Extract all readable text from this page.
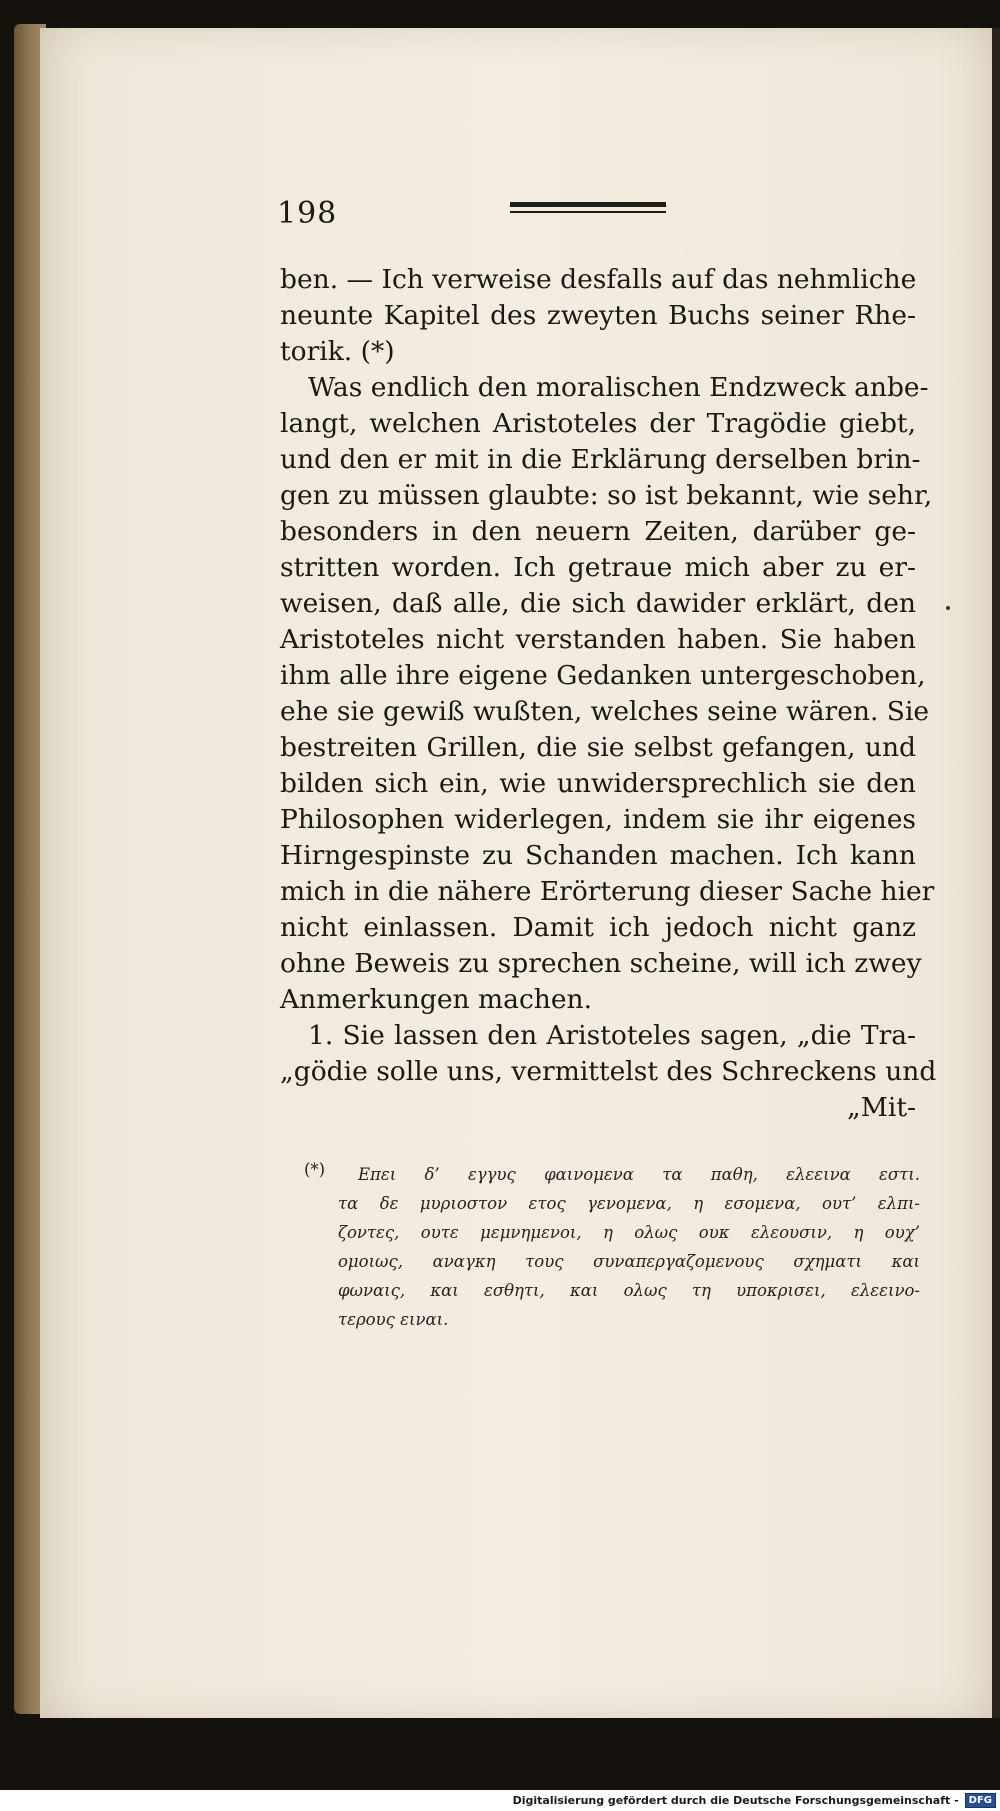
198
ben. — Ich verweise desfalls auf das nehmliche
neunte Kapitel des zweyten Buchs seiner Rhe-
torik. (*)
Was endlich den moralischen Endzweck anbe-
langt, welchen Aristoteles der Tragödie giebt,
und den er mit in die Erklärung derselben brin-
gen zu müssen glaubte: so ist bekannt, wie sehr,
besonders in den neuern Zeiten, darüber ge-
stritten worden. Ich getraue mich aber zu er-
weisen, daß alle, die sich dawider erklärt, den
Aristoteles nicht verstanden haben. Sie haben
ihm alle ihre eigene Gedanken untergeschoben,
ehe sie gewiß wußten, welches seine wären. Sie
bestreiten Grillen, die sie selbst gefangen, und
bilden sich ein, wie unwidersprechlich sie den
Philosophen widerlegen, indem sie ihr eigenes
Hirngespinste zu Schanden machen. Ich kann
mich in die nähere Erörterung dieser Sache hier
nicht einlassen. Damit ich jedoch nicht ganz
ohne Beweis zu sprechen scheine, will ich zwey
Anmerkungen machen.
1. Sie lassen den Aristoteles sagen, „die Tra-
„gödie solle uns, vermittelst des Schreckens und
„Mit-
(*)	Επει δ’ εγγυς φαινομενα τα παθη, ελεεινα εστι.
τα δε μυριοστον ετος γενομενα, η εσομενα, ουτ’ ελπι-
ζοντες, ουτε μεμνημενοι, η ολως ουκ ελεουσιν, η ουχ’
ομοιως, αναγκη τους συναπεργαζομενους σχηματι και
φωναις, και εσθητι, και ολως τη υποκρισει, ελεεινο-
τερους ειναι.
Digitalisierung gefördert durch die Deutsche Forschungsgemeinschaft -	DFG
